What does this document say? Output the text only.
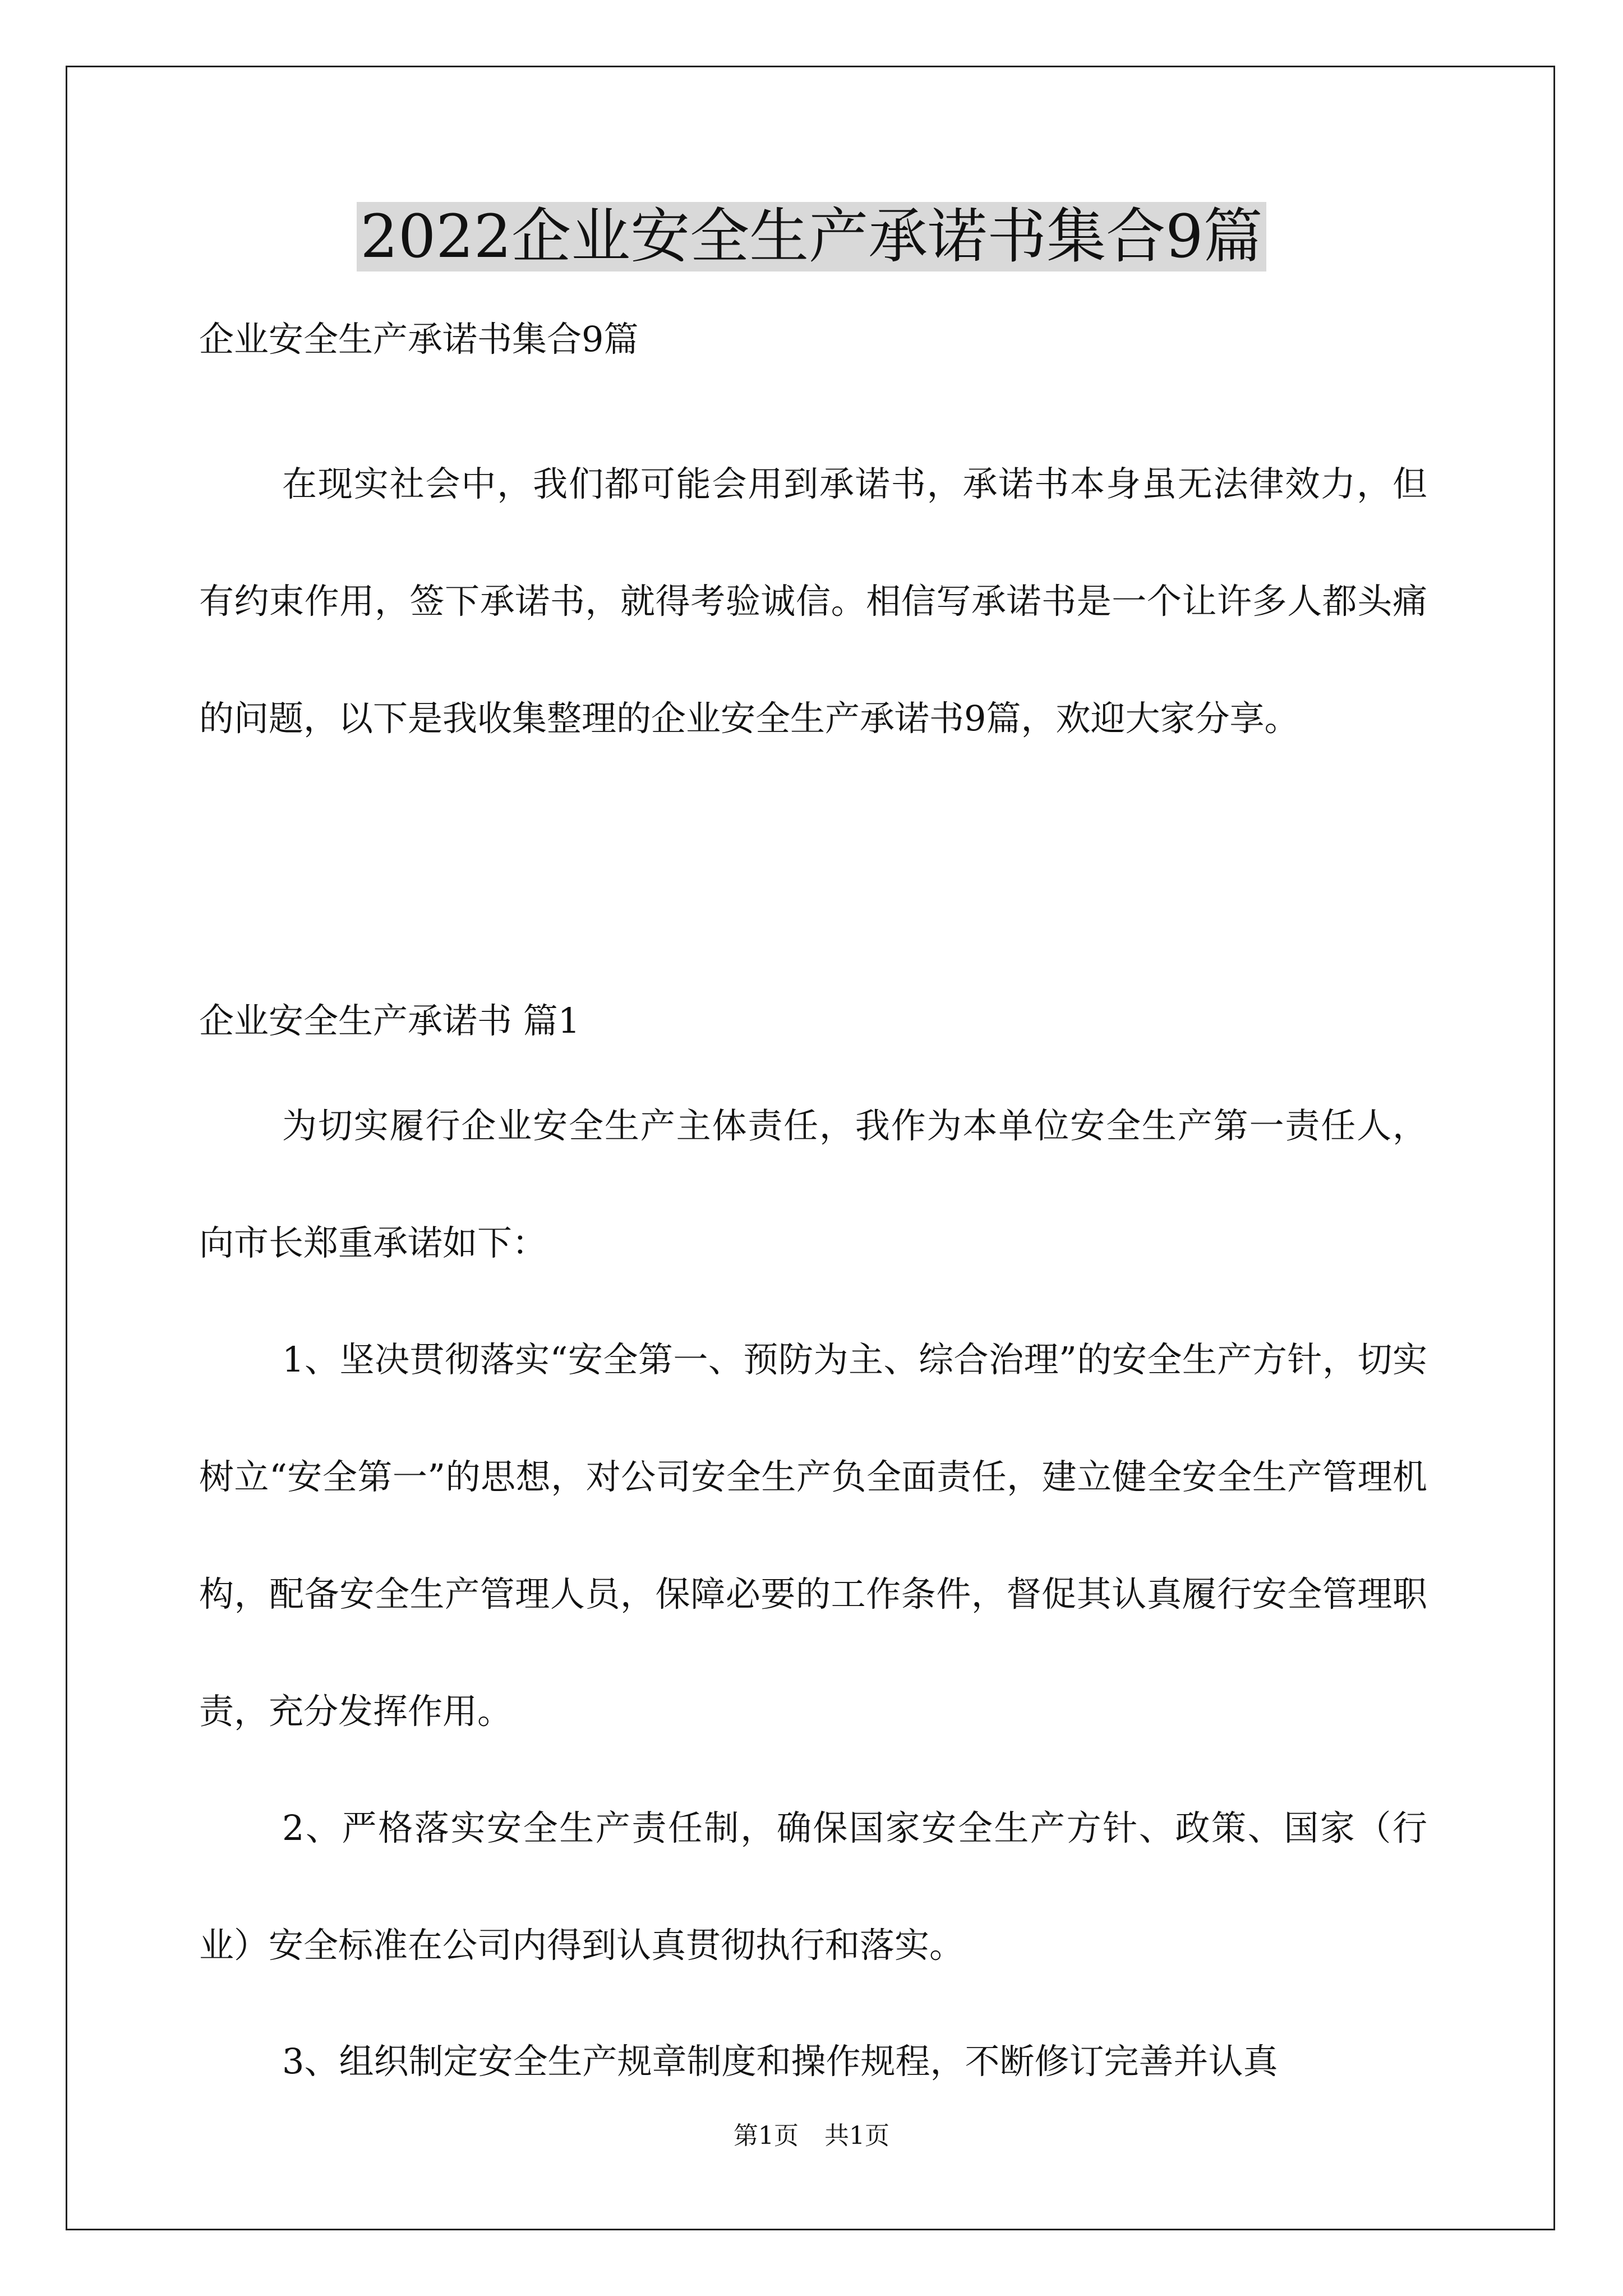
2022企业安全生产承诺书集合9篇

企业安全生产承诺书集合9篇

在现实社会中，我们都可能会用到承诺书，承诺书本身虽无法律效力，但有约束作用，签下承诺书，就得考验诚信。相信写承诺书是一个让许多人都头痛的问题，以下是我收集整理的企业安全生产承诺书9篇，欢迎大家分享。

企业安全生产承诺书 篇1

为切实履行企业安全生产主体责任，我作为本单位安全生产第一责任人，向市长郑重承诺如下：

1、坚决贯彻落实“安全第一、预防为主、综合治理”的安全生产方针，切实树立“安全第一”的思想，对公司安全生产负全面责任，建立健全安全生产管理机构，配备安全生产管理人员，保障必要的工作条件，督促其认真履行安全管理职责，充分发挥作用。

2、严格落实安全生产责任制，确保国家安全生产方针、政策、国家（行业）安全标准在公司内得到认真贯彻执行和落实。

3、组织制定安全生产规章制度和操作规程，不断修订完善并认真

第1页 共1页
